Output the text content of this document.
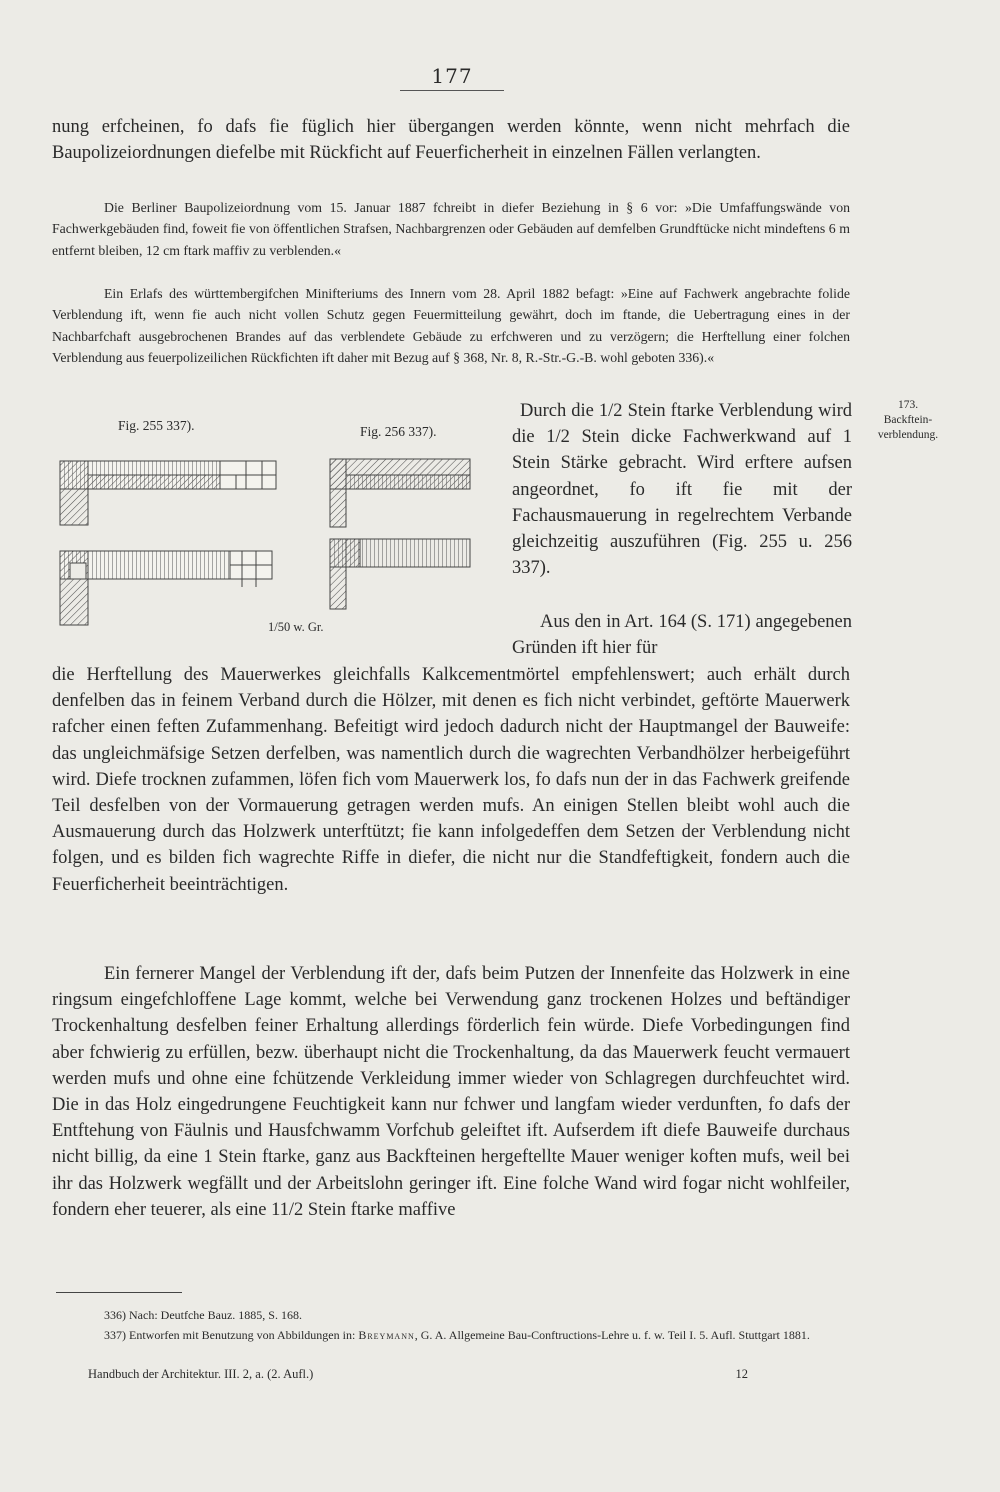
177

nung erfcheinen, fo dafs fie füglich hier übergangen werden könnte, wenn nicht mehrfach die Baupolizeiordnungen diefelbe mit Rückficht auf Feuerficherheit in einzelnen Fällen verlangten.

Die Berliner Baupolizeiordnung vom 15. Januar 1887 fchreibt in diefer Beziehung in § 6 vor: »Die Umfaffungswände von Fachwerkgebäuden find, foweit fie von öffentlichen Strafsen, Nachbargrenzen oder Gebäuden auf demfelben Grundftücke nicht mindeftens 6 m entfernt bleiben, 12 cm ftark maffiv zu verblenden.«

Ein Erlafs des württembergifchen Minifteriums des Innern vom 28. April 1882 befagt: »Eine auf Fachwerk angebrachte folide Verblendung ift, wenn fie auch nicht vollen Schutz gegen Feuermitteilung gewährt, doch im ftande, die Uebertragung eines in der Nachbarfchaft ausgebrochenen Brandes auf das verblendete Gebäude zu erfchweren und zu verzögern; die Herftellung einer folchen Verblendung aus feuerpolizeilichen Rückfichten ift daher mit Bezug auf § 368, Nr. 8, R.-Str.-G.-B. wohl geboten 336).«

Fig. 255 337).	Fig. 256 337).
1/50 w. Gr.
173.
Backftein-
verblendung.

Durch die 1/2 Stein ftarke Verblendung wird die 1/2 Stein dicke Fachwerkwand auf 1 Stein Stärke gebracht. Wird erftere aufsen angeordnet, fo ift fie mit der Fachausmauerung in regelrechtem Verbande gleichzeitig auszuführen (Fig. 255 u. 256 337).

Aus den in Art. 164 (S. 171) angegebenen Gründen ift hier für

die Herftellung des Mauerwerkes gleichfalls Kalkcementmörtel empfehlenswert; auch erhält durch denfelben das in feinem Verband durch die Hölzer, mit denen es fich nicht verbindet, geftörte Mauerwerk rafcher einen feften Zufammenhang. Befeitigt wird jedoch dadurch nicht der Hauptmangel der Bauweife: das ungleichmäfsige Setzen derfelben, was namentlich durch die wagrechten Verbandhölzer herbeigeführt wird. Diefe trocknen zufammen, löfen fich vom Mauerwerk los, fo dafs nun der in das Fachwerk greifende Teil desfelben von der Vormauerung getragen werden mufs. An einigen Stellen bleibt wohl auch die Ausmauerung durch das Holzwerk unterftützt; fie kann infolgedeffen dem Setzen der Verblendung nicht folgen, und es bilden fich wagrechte Riffe in diefer, die nicht nur die Standfeftigkeit, fondern auch die Feuerficherheit beeinträchtigen.

Ein fernerer Mangel der Verblendung ift der, dafs beim Putzen der Innenfeite das Holzwerk in eine ringsum eingefchloffene Lage kommt, welche bei Verwendung ganz trockenen Holzes und beftändiger Trockenhaltung desfelben feiner Erhaltung allerdings förderlich fein würde. Diefe Vorbedingungen find aber fchwierig zu erfüllen, bezw. überhaupt nicht die Trockenhaltung, da das Mauerwerk feucht vermauert werden mufs und ohne eine fchützende Verkleidung immer wieder von Schlagregen durchfeuchtet wird. Die in das Holz eingedrungene Feuchtigkeit kann nur fchwer und langfam wieder verdunften, fo dafs der Entftehung von Fäulnis und Hausfchwamm Vorfchub geleiftet ift. Aufserdem ift diefe Bauweife durchaus nicht billig, da eine 1 Stein ftarke, ganz aus Backfteinen hergeftellte Mauer weniger koften mufs, weil bei ihr das Holzwerk wegfällt und der Arbeitslohn geringer ift. Eine folche Wand wird fogar nicht wohlfeiler, fondern eher teuerer, als eine 11/2 Stein ftarke maffive

336) Nach: Deutfche Bauz. 1885, S. 168.
337) Entworfen mit Benutzung von Abbildungen in: Breymann, G. A. Allgemeine Bau-Conftructions-Lehre u. f. w. Teil I. 5. Aufl. Stuttgart 1881.
Handbuch der Architektur. III. 2, a. (2. Aufl.)	12
